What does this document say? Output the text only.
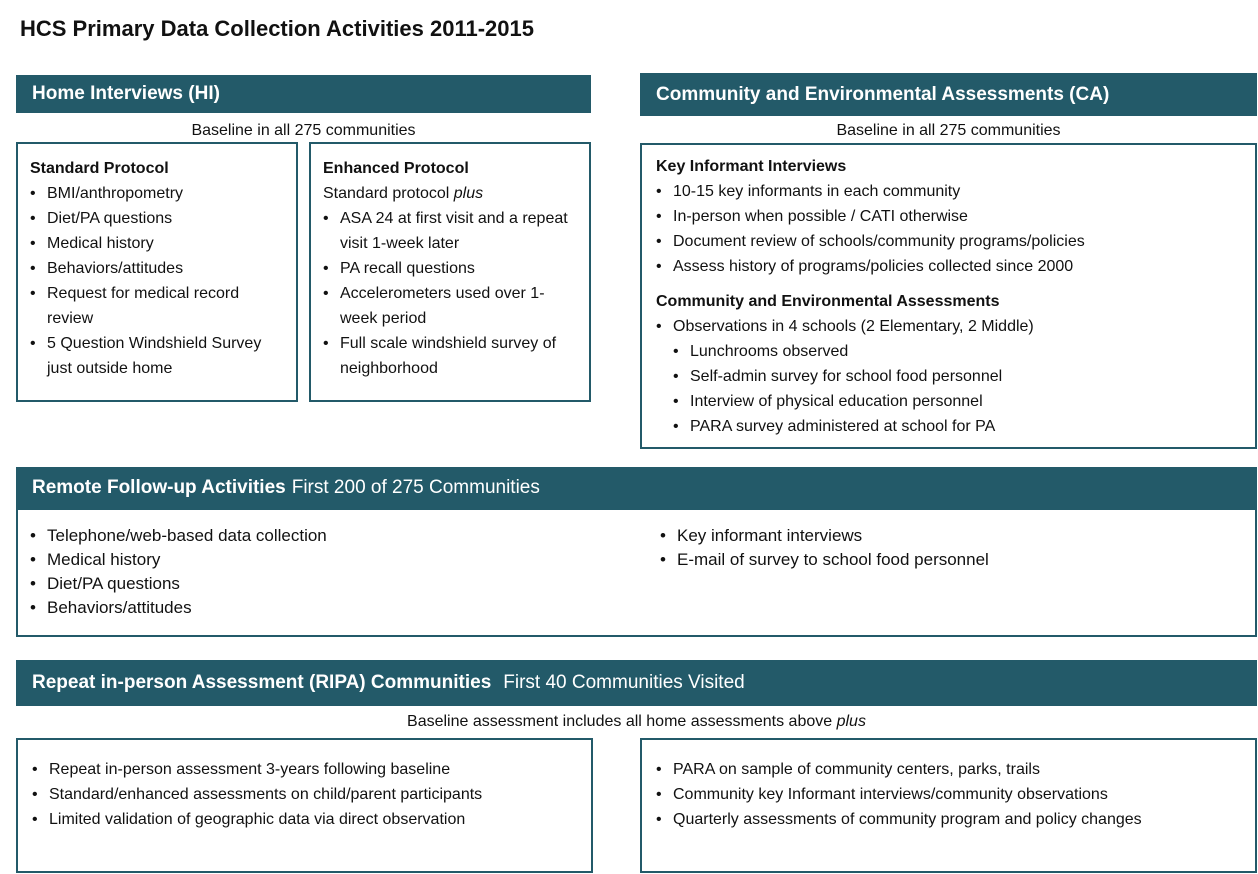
HCS Primary Data Collection Activities 2011-2015
Home Interviews (HI)
Baseline in all 275 communities
Standard Protocol
• BMI/anthropometry
• Diet/PA questions
• Medical history
• Behaviors/attitudes
• Request for medical record review
• 5 Question Windshield Survey just outside home
Enhanced Protocol
Standard protocol plus
• ASA 24 at first visit and a repeat visit 1-week later
• PA recall questions
• Accelerometers used over 1-week period
• Full scale windshield survey of neighborhood
Community and Environmental Assessments (CA)
Baseline in all 275 communities
Key Informant Interviews
• 10-15 key informants in each community
• In-person when possible / CATI otherwise
• Document review of schools/community programs/policies
• Assess history of programs/policies collected since 2000
Community and Environmental Assessments
• Observations in 4 schools (2 Elementary, 2 Middle)
• Lunchrooms observed
• Self-admin survey for school food personnel
• Interview of physical education personnel
• PARA survey administered at school for PA
Remote Follow-up Activities First 200 of 275 Communities
• Telephone/web-based data collection
• Medical history
• Diet/PA questions
• Behaviors/attitudes
• Key informant interviews
• E-mail of survey to school food personnel
Repeat in-person Assessment (RIPA) Communities First 40 Communities Visited
Baseline assessment includes all home assessments above plus
• Repeat in-person assessment 3-years following baseline
• Standard/enhanced assessments on child/parent participants
• Limited validation of geographic data via direct observation
• PARA on sample of community centers, parks, trails
• Community key Informant interviews/community observations
• Quarterly assessments of community program and policy changes
